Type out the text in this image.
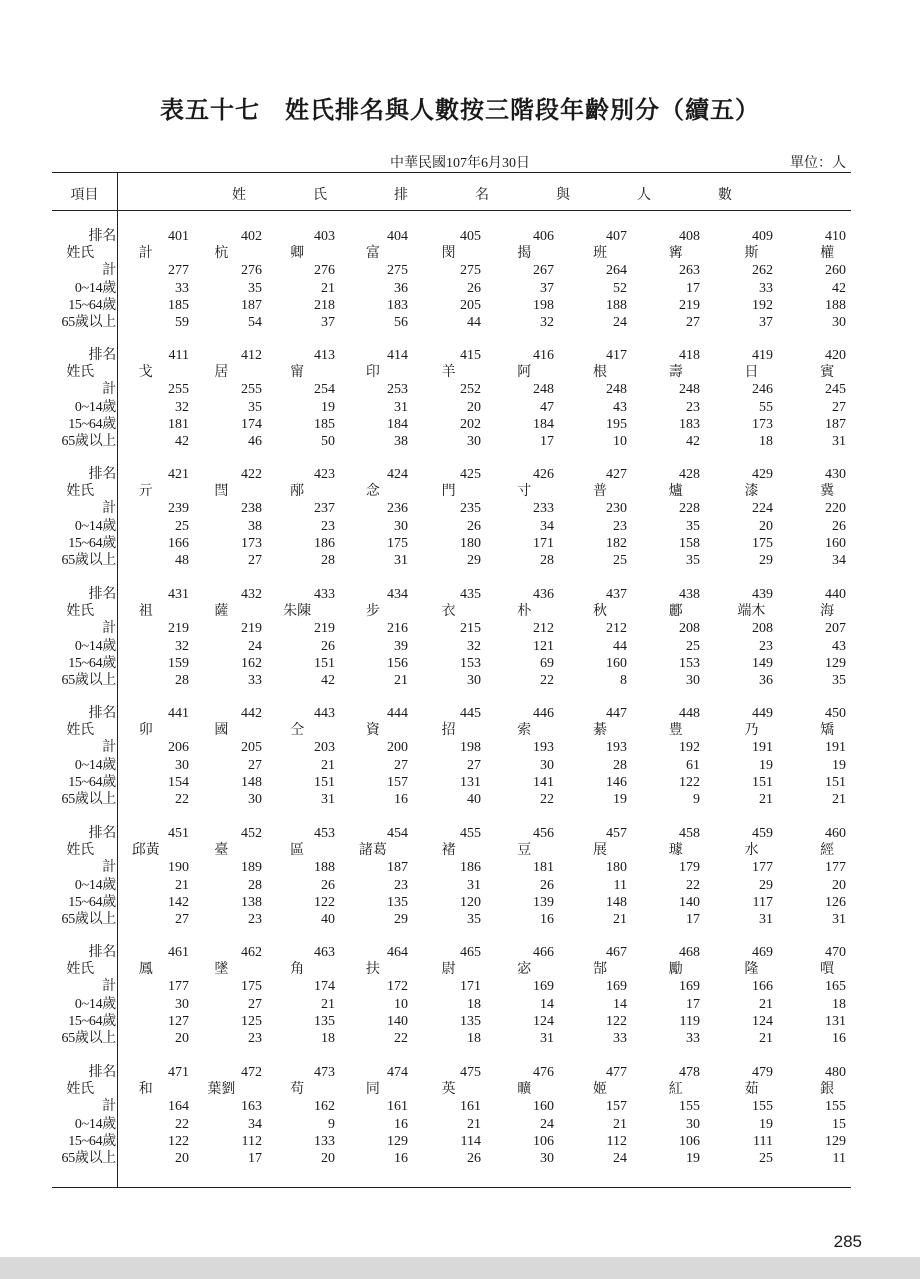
表五十七　姓氏排名與人數按三階段年齡別分（續五）
中華民國107年6月30日	單位：人
項目	姓	氏	排	名	與	人	數
排名	401	402	403	404	405	406	407	408	409	410
姓氏	計	杭	卿	富	閔	揭	班	寗	斯	權
計	277	276	276	275	275	267	264	263	262	260
0~14歲	33	35	21	36	26	37	52	17	33	42
15~64歲	185	187	218	183	205	198	188	219	192	188
65歲以上	59	54	37	56	44	32	24	27	37	30
排名	411	412	413	414	415	416	417	418	419	420
姓氏	戈	居	甯	印	羊	阿	根	壽	日	賓
計	255	255	254	253	252	248	248	248	246	245
0~14歲	32	35	19	31	20	47	43	23	55	27
15~64歲	181	174	185	184	202	184	195	183	173	187
65歲以上	42	46	50	38	30	17	10	42	18	31
排名	421	422	423	424	425	426	427	428	429	430
姓氏	亓	閆	邴	念	門	寸	普	爐	漆	冀
計	239	238	237	236	235	233	230	228	224	220
0~14歲	25	38	23	30	26	34	23	35	20	26
15~64歲	166	173	186	175	180	171	182	158	175	160
65歲以上	48	27	28	31	29	28	25	35	29	34
排名	431	432	433	434	435	436	437	438	439	440
姓氏	祖	薩	朱陳	步	衣	朴	秋	酈	端木	海
計	219	219	219	216	215	212	212	208	208	207
0~14歲	32	24	26	39	32	121	44	25	23	43
15~64歲	159	162	151	156	153	69	160	153	149	129
65歲以上	28	33	42	21	30	22	8	30	36	35
排名	441	442	443	444	445	446	447	448	449	450
姓氏	卯	國	仝	資	招	索	綦	豊	乃	矯
計	206	205	203	200	198	193	193	192	191	191
0~14歲	30	27	21	27	27	30	28	61	19	19
15~64歲	154	148	151	157	131	141	146	122	151	151
65歲以上	22	30	31	16	40	22	19	9	21	21
排名	451	452	453	454	455	456	457	458	459	460
姓氏	邱黃	臺	區	諸葛	褚	豆	展	璩	水	經
計	190	189	188	187	186	181	180	179	177	177
0~14歲	21	28	26	23	31	26	11	22	29	20
15~64歲	142	138	122	135	120	139	148	140	117	126
65歲以上	27	23	40	29	35	16	21	17	31	31
排名	461	462	463	464	465	466	467	468	469	470
姓氏	鳳	墜	角	扶	尉	宓	郜	勵	隆	嘪
計	177	175	174	172	171	169	169	169	166	165
0~14歲	30	27	21	10	18	14	14	17	21	18
15~64歲	127	125	135	140	135	124	122	119	124	131
65歲以上	20	23	18	22	18	31	33	33	21	16
排名	471	472	473	474	475	476	477	478	479	480
姓氏	和	葉劉	苟	同	英	曠	姬	紅	茹	銀
計	164	163	162	161	161	160	157	155	155	155
0~14歲	22	34	9	16	21	24	21	30	19	15
15~64歲	122	112	133	129	114	106	112	106	111	129
65歲以上	20	17	20	16	26	30	24	19	25	11
285
